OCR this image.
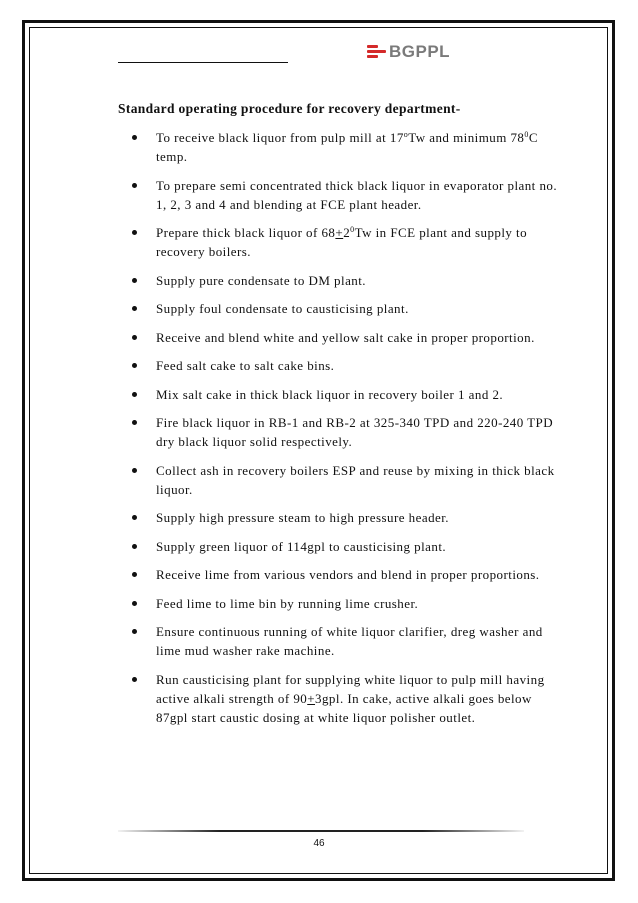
BGPPL
Standard operating procedure for recovery department-
To receive black liquor from pulp mill at 17$^o$Tw and minimum $78^0C$ temp.
To prepare semi concentrated thick black liquor in evaporator plant no. 1, 2, 3 and 4 and blending at FCE plant header.
Prepare thick black liquor of $68+2^0Tw$ in FCE plant and supply to recovery boilers.
Supply pure condensate to DM plant.
Supply foul condensate to causticising plant.
Receive and blend white and yellow salt cake in proper proportion.
Feed salt cake to salt cake bins.
Mix salt cake in thick black liquor in recovery boiler 1 and 2.
Fire black liquor in RB-1 and RB-2 at 325-340 TPD and 220-240 TPD dry black liquor solid respectively.
Collect ash in recovery boilers ESP and reuse by mixing in thick black liquor.
Supply high pressure steam to high pressure header.
Supply green liquor of 114gpl to causticising plant.
Receive lime from various vendors and blend in proper proportions.
Feed lime to lime bin by running lime crusher.
Ensure continuous running of white liquor clarifier, dreg washer and lime mud washer rake machine.
Run causticising plant for supplying white liquor to pulp mill having active alkali strength of 90+3gpl. In cake, active alkali goes below 87gpl start caustic dosing at white liquor polisher outlet.
46
